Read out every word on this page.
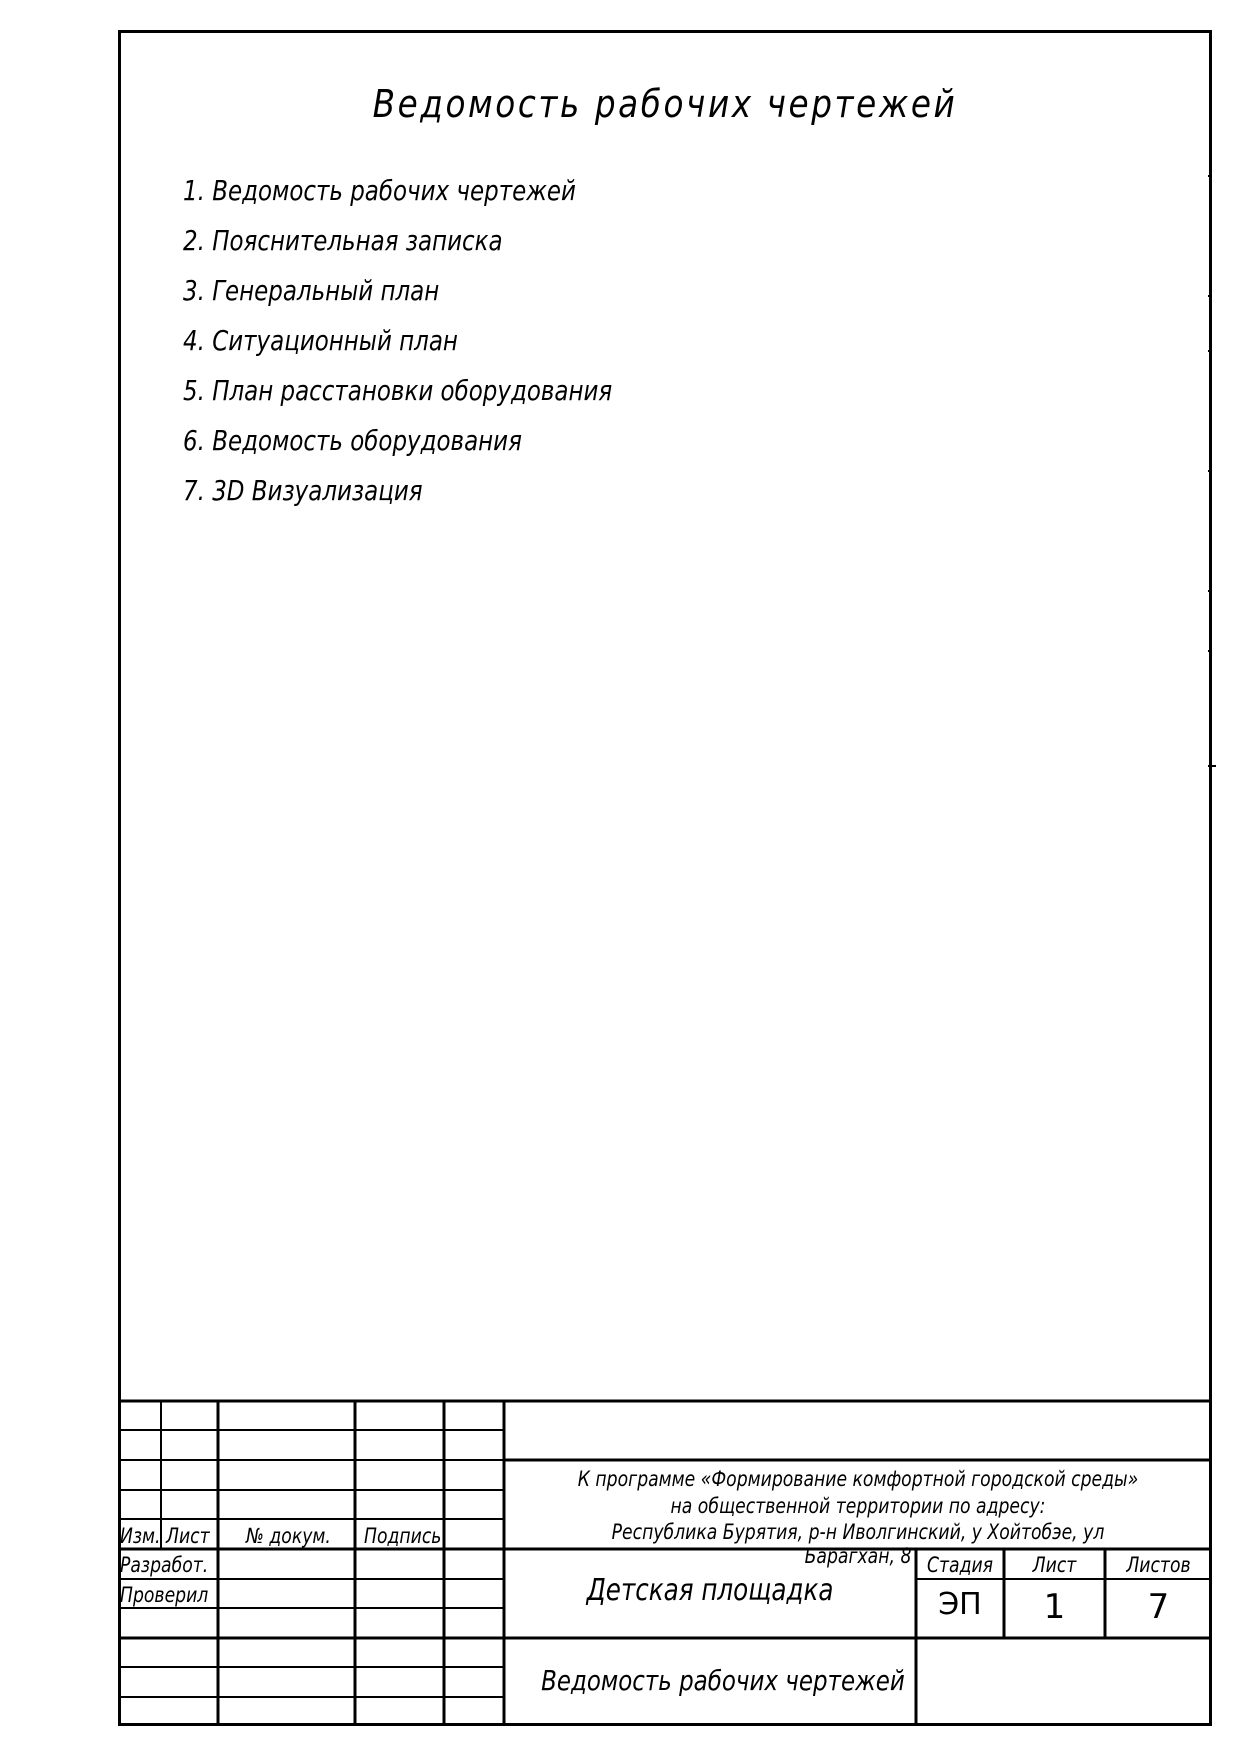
Ведомость рабочих чертежей
1. Ведомость рабочих чертежей
2. Пояснительная записка
3. Генеральный план
4. Ситуационный план
5. План расстановки оборудования
6. Ведомость оборудования
7. 3D Визуализация
Изм. Лист № докум. Подпись
Разработ.
Проверил
К программе «Формирование комфортной городской среды»
на общественной территории по адресу:
Республика Бурятия, р-н Иволгинский, у Хойтобэе, ул Барагхан, 8
Детская площадка
Ведомость рабочих чертежей
Стадия	Лист	Листов
ЭП	1	7
